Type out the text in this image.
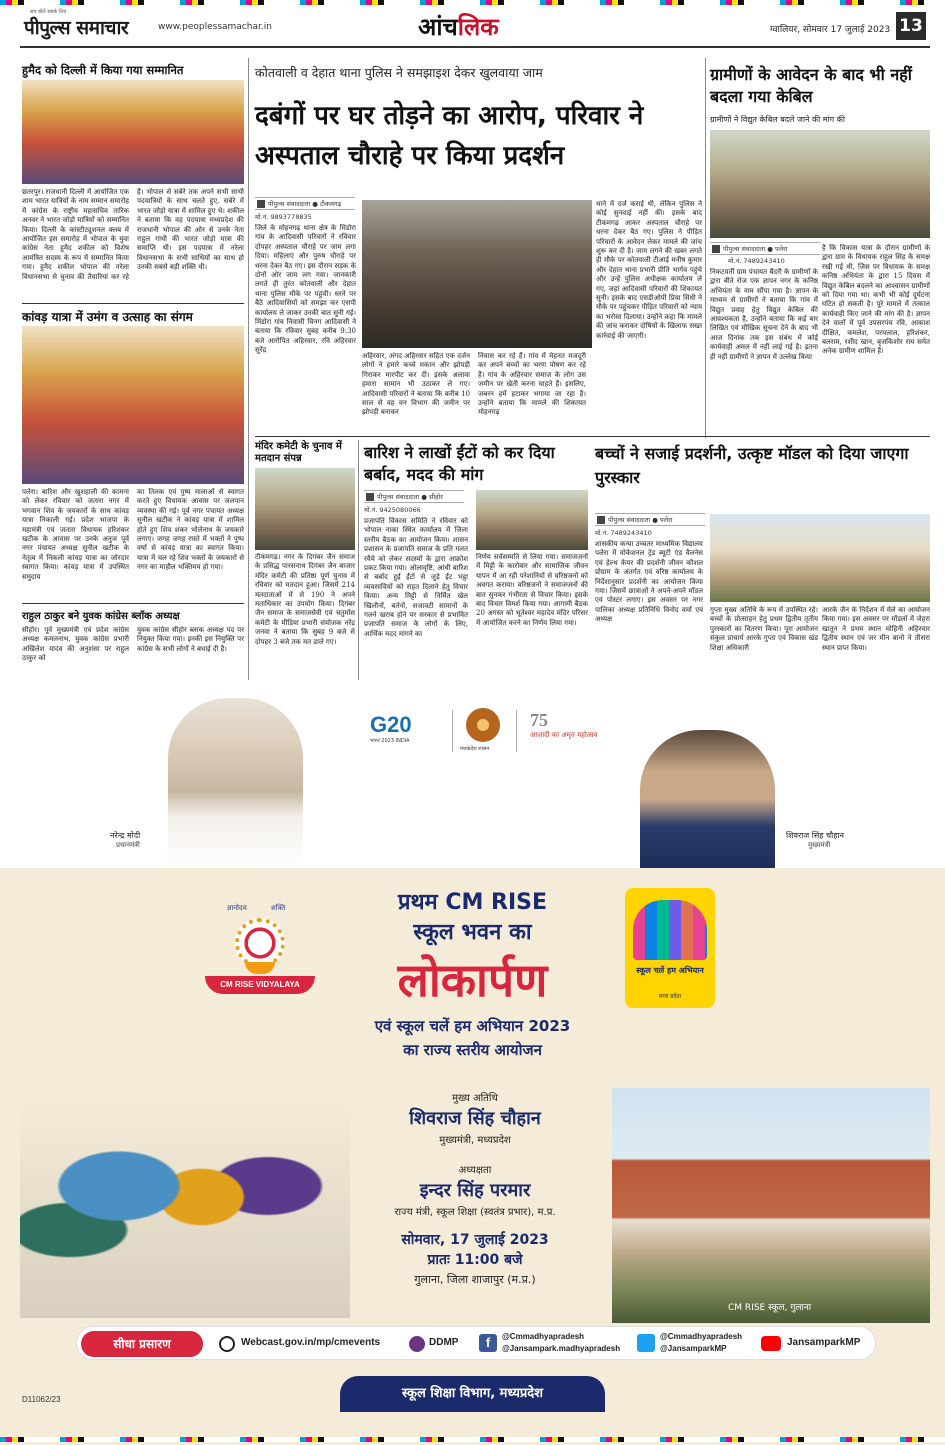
सच बोलें सबके लिए
पीपुल्स समाचार	www.peoplessamachar.in	आंचलिक	ग्वालियर, सोमवार 17 जुलाई 2023 13
हुमैद को दिल्ली में किया गया सम्मानित
छतरपुर। राजधानी दिल्ली में आयोजित एक शाम भारत यात्रियों के नाम सम्मान समारोह में कांग्रेस के राष्ट्रीय महासचिव तारिक अनवर ने भारत जोड़ो यात्रियों को सम्मानित किया। दिल्ली के कांस्टीट्यूशनल क्लब में आयोजित इस समारोह में भोपाल के युवा कांग्रेस नेता हुमैद शकील को विशेष आमंत्रित सदस्य के रूप में सम्मानित किया गया। हुमैद शकील भोपाल की नरेला विधानसभा से चुनाव की तैयारियां कर रहे हैं। भोपाल से सबेरे तक अपने सभी साथी पदयात्रियों के साथ चलते हुए, सबेरे में भारत जोड़ो यात्रा में शामिल हुए थे। शकील ने बताया कि वह पदयात्रा मध्यप्रदेश की राजधानी भोपाल की ओर से उनके नेता राहुल गांधी की भारत जोड़ो यात्रा की समाप्ति थी। इस पदयात्रा में नरेला विधानसभा के सभी साथियों का साथ हो उनकी सबसे बड़ी शक्ति थी।
कांवड़ यात्रा में उमंग व उत्साह का संगम
पलेरा। बारिश और खुशहाली की कामना को लेकर रविवार को जतारा नगर में भगवान शिव के जयकारों के साथ कांवड़ यात्रा निकाली गई। प्रदेश भाजपा के महामंत्री एवं जतारा विधायक हरिशंकर खटीक के आवास पर उनके अनुज पूर्व नगर पंचायत अध्यक्ष सुनील खटीक के नेतृत्व में निकली कांवड़ यात्रा का जोरदार स्वागत किया। कांवड़ यात्रा में उपस्थित समुदाय
का तिलक एवं पुष्प मालाओं से स्वागत करते हुए विधायक आवास पर जलपान व्यवस्था की गई। पूर्व नगर पंचायत अध्यक्ष सुनील खटीक ने कांवड़ यात्रा में शामिल होते हुए शिव शंकर भोलेनाथ के जयकारे लगाए। जगह जगह रास्ते में भक्तों ने पुष्प वर्षा से कांवड़ यात्रा का स्वागत किया। यात्रा में चल रहे शिव भक्तों के जयकारों से नगर का माहौल भक्तिमय हो गया।
राहुल ठाकुर बने युवक कांग्रेस ब्लॉक अध्यक्ष
सीहोर। पूर्व मुख्यमंत्री एवं प्रदेश कांग्रेस अध्यक्ष कमलनाथ, युवक कांग्रेस प्रभारी अखिलेश यादव की अनुशंसा पर राहुल ठाकुर को
युवक कांग्रेस सीहोर ब्लाक अध्यक्ष पद पर नियुक्त किया गया। इनकी इस नियुक्ति पर कांग्रेस के सभी लोगों ने बधाई दी है।
कोतवाली व देहात थाना पुलिस ने समझाइश देकर खुलवाया जाम
दबंगों पर घर तोड़ने का आरोप, परिवार ने अस्पताल चौराहे पर किया प्रदर्शन
पीपुल्स संवाददाता ● टीकमगढ़
मो.नं. 9893778835
जिले के मोहनगढ़ थाना क्षेत्र के मिंडोरा गांव के आदिवासी परिवारों ने रविवार दोपहर अस्पताल चौराहे पर जाम लगा दिया। महिलाएं और पुरुष चौराहे पर धरना देकर बैठ गए। इस दौरान सड़क के दोनों ओर जाम लग गया। जानकारी लगते ही तुरंत कोतवाली और देहात थाना पुलिस मौके पर पहुंची। धरने पर बैठे आदिवासियों को समझा कर एसपी कार्यालय ले जाकर उनकी बात सुनी गई। मिंडोरा गांव निवासी चिनग आदिवासी ने बताया कि रविवार सुबह करीब 9:30 बजे आरोपित अहिरवार, रवि अहिरवार सुरेंद्र
अहिरवार, अंगद अहिरवार सहित एक दर्जन लोगों ने हमारे कच्चे मकान और झोपड़ी गिराकर मारपीट कर दी। इसके अलावा हमारा सामान भी उठाकर ले गए। आदिवासी परिवारों ने बताया कि करीब 10 साल से वह वन विभाग की जमीन पर झोपड़ी बनाकर
निवास कर रहे हैं। गांव में मेहनत मजदूरी कर अपने बच्चों का भरण पोषण कर रहे हैं। गांव के अहिरवार समाज के लोग उस जमीन पर खेती करना चाहते हैं। इसलिए, जबरन हमें हटाकर भगाया जा रहा है। उन्होंने बताया कि मामले की शिकायत मोहनगढ़
थाने में दर्ज कराई थी, लेकिन पुलिस ने कोई सुनवाई नहीं की। इसके बाद टीकमगढ़ आकर अस्पताल चौराहे पर धरना देकर बैठ गए। पुलिस ने पीड़ित परिवारों के आवेदन लेकर मामले की जांच शुरू कर दी है। जाम लगने की खबर लगते ही मौके पर कोतवाली टीआई मनीष कुमार और देहात थाना प्रभारी प्रीति भार्गव पहुंचे और उन्हें पुलिस अधीक्षक कार्यालय ले गए, जहां आदिवासी परिवारों की शिकायत सुनी। इसके बाद एसडीओपी प्रिया सिंधी ने मौके पर पहुंचकर पीड़ित परिवारों को न्याय का भरोसा दिलाया। उन्होंने कहा कि मामले की जांच कराकर दोषियों के खिलाफ सख्त कार्रवाई की जाएगी।
मंदिर कमेटी के चुनाव में मतदान संपन्न
टीकमगढ़। नगर के दिगंबर जैन समाज के प्रसिद्ध पारसनाथ दिगंबर जैन बाजार मंदिर कमेटी की प्रतिष्ठा पूर्ण चुनाव में रविवार को मतदान हुआ। जिसमें 214 मतदाताओं में से 190 ने अपने मताधिकार का उपयोग किया। दिगंबर जैन समाज के समाजसेवी एवं चतुर्मास कमेटी के मीडिया प्रभारी संयोजक नरेंद्र जनवा ने बताया कि सुबह 9 बजे से दोपहर 3 बजे तक मत डाले गए।
बारिश ने लाखों ईंटों को कर दिया बर्बाद, मदद की मांग
पीपुल्स संवाददाता ● सीहोर
मो.नं. 9425080066
प्रजापति विकास समिति ने रविवार को भोपाल नाका स्थित कार्यालय में जिला स्तरीय बैठक का आयोजन किया। शासन प्रशासन के प्रजापति समाज के प्रति गलत रवैये को लेकर सदस्यों के द्वारा आक्रोश प्रकट किया गया। ओलावृष्टि, आंधी बारिश से बर्बाद हुई ईंटों से जुड़े ईंट भट्ठा व्यवसायियों को राहत दिलाने हेतु विचार किया। अन्य मिट्टी से निर्मित खेल खिलौनों, बर्तनों, सजावटी सामानों के गलने खराब होने पर सरकार से प्रभावित प्रजापति समाज के लोगों के लिए, आर्थिक मदद मांगने का
निर्णय सर्वसम्मति से लिया गया। समाजजनों में मिट्टी के कारोबार और सामाजिक जीवन यापन में आ रही परेशानियों से वरिष्ठजनों को अवगत कराया। वरिष्ठजनों ने समाजजनों की बात सुनकर गंभीरता से विचार किया। इसके बाद विचार विमर्श किया गया। आगामी बैठक 20 अगस्त को भूतेश्वर महादेव मंदिर परिसर में आयोजित करने का निर्णय लिया गया।
ग्रामीणों के आवेदन के बाद भी नहीं बदला गया केबिल
ग्रामीणों ने विद्युत केबिल बदले जाने की मांग की
पीपुल्स संवाददाता ● पलेरा
मो.नं. 7489243410
निकटवर्ती ग्राम पंचायत बैंदरी के ग्रामीणों के द्वारा बीते रोज एक ज्ञापन नगर के कनिष्ठ अभियंता के नाम सौंपा गया है। ज्ञापन के माध्यम से ग्रामीणों ने बताया कि गांव में विद्युत प्रवाह हेतु विद्युत केबिल की आवश्यकता है, उन्होंने बताया कि कई बार लिखित एवं मौखिक सूचना देने के बाद भी आज दिनांक तक इस संबंध में कोई कार्यवाही अमल में नहीं लाई गई है। इतना ही नहीं ग्रामीणों ने ज्ञापन में उल्लेख किया
है कि विकास यात्रा के दौरान ग्रामीणों के द्वारा ग्राम के विधायक राहुल सिंह के समक्ष रखी गई थी, जिस पर विधायक के समक्ष कनिष्ठ अभियंता के द्वारा 15 दिवस में विद्युत केबिल बदलने का आश्वासन ग्रामीणों को दिया गया था। कभी भी कोई दुर्घटना घटित हो सकती है। पूरे मामले में तत्काल कार्यवाही किए जाने की मांग की है। ज्ञापन देने वालों में पूर्व उपसरपंच रवि, आकाश दीक्षित, कमलेश, परमलाल, हरिशंकर, बलराम, रशीद खान, बृजकिशोर राय समेत अनेक ग्रामीण शामिल हैं।
बच्चों ने सजाई प्रदर्शनी, उत्कृष्ट मॉडल को दिया जाएगा पुरस्कार
पीपुल्स संवाददाता ● पलेरा
मो.नं. 7489243410
शासकीय कन्या उच्चतर माध्यमिक विद्यालय पलेरा में वोकेशनल ट्रेड ब्यूटी एंड वैलनेस एवं हेल्थ केयर की प्रदर्शनी जीवन कौशल प्रोग्राम के अंतर्गत एवं वरिष्ठ कार्यालय के निर्देशानुसार प्रदर्शनी का आयोजन किया गया। जिसमें छात्राओं ने अपने-अपने मॉडल एवं पोस्टर लगाए। इस अवसर पर नगर पालिका अध्यक्ष प्रतिनिधि विनोद वर्मा एवं अध्यक्ष
गुप्ता मुख्य अतिथि के रूप में उपस्थित रहे। बच्चों के प्रोत्साहन हेतु प्रथम द्वितीय तृतीय पुरस्कारों का वितरण किया। पूरा आयोजन संकुल प्राचार्य आरके गुप्ता एवं विकास खंड शिक्षा अधिकारी
आरके जैन के निर्देशन में मेले का आयोजन किया गया। इस अवसर पर मॉडलों में जेहरा खातून ने प्रथम स्थान मोहिनी अहिरवार द्वितीय स्थान एवं जर मीन बानो ने तीसरा स्थान प्राप्त किया।
G20
भारत 2023 INDIA
मध्यप्रदेश शासन
75
आज़ादी का अमृत महोत्सव
नरेन्द्र मोदी
प्रधानमंत्री
शिवराज सिंह चौहान
मुख्यमंत्री
ज्ञानोदय	शक्ति
CM RISE VIDYALAYA
प्रथम CM RISE
स्कूल भवन का
लोकार्पण
एवं स्कूल चलें हम अभियान 2023
का राज्य स्तरीय आयोजन
स्कूल चलें हम अभियान
मध्य प्रदेश
मुख्य अतिथि
शिवराज सिंह चौहान
मुख्यमंत्री, मध्यप्रदेश
अध्यक्षता
इन्दर सिंह परमार
राज्य मंत्री, स्कूल शिक्षा (स्वतंत्र प्रभार), म.प्र.
सोमवार, 17 जुलाई 2023
प्रातः 11:00 बजे
गुलाना, जिला शाजापुर (म.प्र.)
CM RISE स्कूल, गुलाना
सीधा प्रसारण	Webcast.gov.in/mp/cmevents	DDMP	f	@Cmmadhyapradesh
@Jansampark.madhyapradesh
@Cmmadhyapradesh
@JansamparkMP
JansamparkMP
स्कूल शिक्षा विभाग, मध्यप्रदेश
D11062/23
